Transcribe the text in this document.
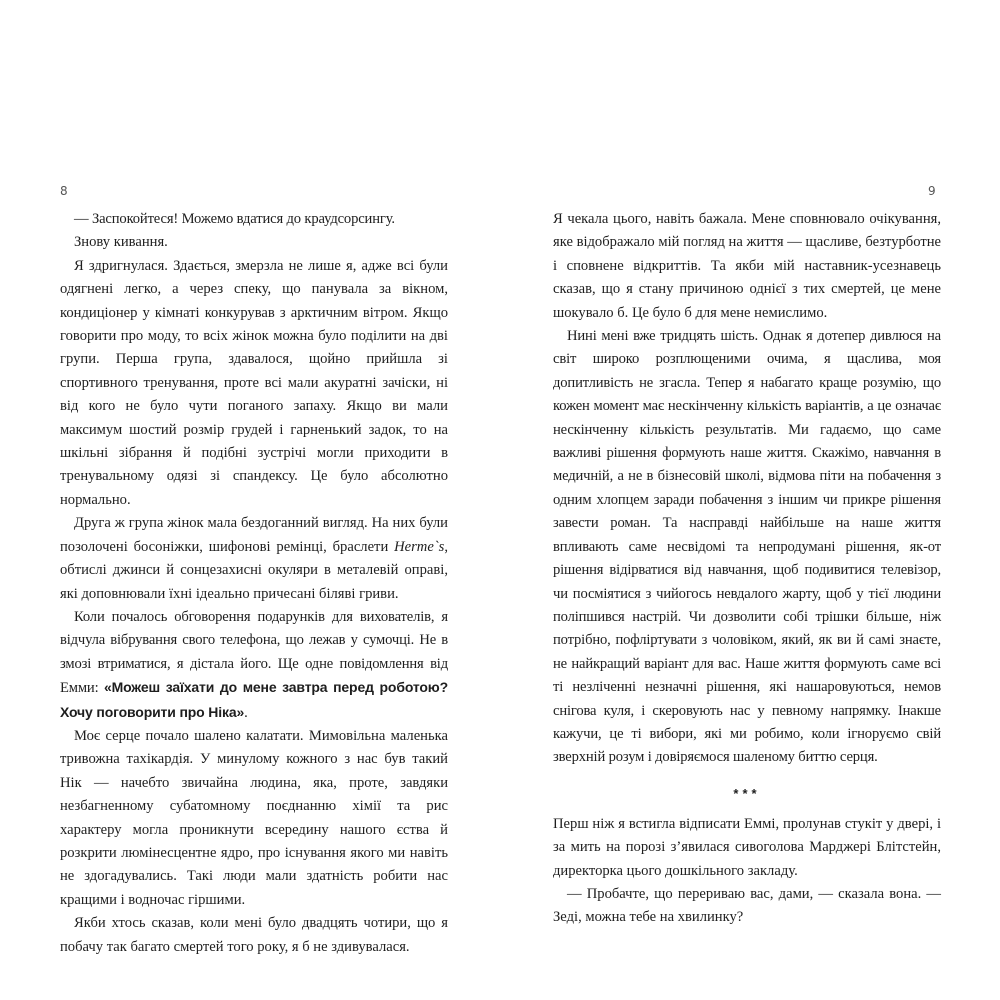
8	9

— Заспокойтеся! Можемо вдатися до краудсорсингу.

Знову кивання.

Я здригнулася. Здається, змерзла не лише я, адже всі були одягнені легко, а через спеку, що панувала за вікном, кондиціонер у кімнаті конкурував з арктичним вітром. Якщо говорити про моду, то всіх жінок можна було поділити на дві групи. Перша група, здавалося, щойно прийшла зі спортивного тренування, проте всі мали акуратні зачіски, ні від кого не було чути поганого запаху. Якщо ви мали максимум шостий розмір грудей і гарненький задок, то на шкільні зібрання й подібні зустрічі могли приходити в тренувальному одязі зі спандексу. Це було абсолютно нормально.

Друга ж група жінок мала бездоганний вигляд. На них були позолочені босоніжки, шифонові ремінці, браслети Herme`s, обтислі джинси й сонцезахисні окуляри в металевій оправі, які доповнювали їхні ідеально причесані біляві гриви.

Коли почалось обговорення подарунків для вихователів, я відчула вібрування свого телефона, що лежав у сумочці. Не в змозі втриматися, я дістала його. Ще одне повідомлення від Емми: «Можеш заїхати до мене завтра перед роботою? Хочу поговорити про Ніка».

Моє серце почало шалено калатати. Мимовільна маленька тривожна тахікардія. У минулому кожного з нас був такий Нік — начебто звичайна людина, яка, проте, завдяки незбагненному субатомному поєднанню хімії та рис характеру могла проникнути всередину нашого єства й розкрити люмінесцентне ядро, про існування якого ми навіть не здогадувались. Такі люди мали здатність робити нас кращими і водночас гіршими.

Якби хтось сказав, коли мені було двадцять чотири, що я побачу так багато смертей того року, я б не здивувалася.

Я чекала цього, навіть бажала. Мене сповнювало очікування, яке відображало мій погляд на життя — щасливе, безтурботне і сповнене відкриттів. Та якби мій наставник-усезнавець сказав, що я стану причиною однієї з тих смертей, це мене шокувало б. Це було б для мене немислимо.

Нині мені вже тридцять шість. Однак я дотепер дивлюся на світ широко розплющеними очима, я щаслива, моя допитливість не згасла. Тепер я набагато краще розумію, що кожен момент має нескінченну кількість варіантів, а це означає нескінченну кількість результатів. Ми гадаємо, що саме важливі рішення формують наше життя. Скажімо, навчання в медичній, а не в бізнесовій школі, відмова піти на побачення з одним хлопцем заради побачення з іншим чи прикре рішення завести роман. Та насправді найбільше на наше життя впливають саме несвідомі та непродумані рішення, як-от рішення відірватися від навчання, щоб подивитися телевізор, чи посміятися з чийогось невдалого жарту, щоб у тієї людини поліпшився настрій. Чи дозволити собі трішки більше, ніж потрібно, пофліртувати з чоловіком, який, як ви й самі знаєте, не найкращий варіант для вас. Наше життя формують саме всі ті незліченні незначні рішення, які нашаровуються, немов снігова куля, і скеровують нас у певному напрямку. Інакше кажучи, це ті вибори, які ми робимо, коли ігноруємо свій зверхній розум і довіряємося шаленому биттю серця.

***

Перш ніж я встигла відписати Еммі, пролунав стукіт у двері, і за мить на порозі з’явилася сивоголова Марджері Блітстейн, директорка цього дошкільного закладу.

— Пробачте, що перериваю вас, дами, — сказала вона. — Зеді, можна тебе на хвилинку?
